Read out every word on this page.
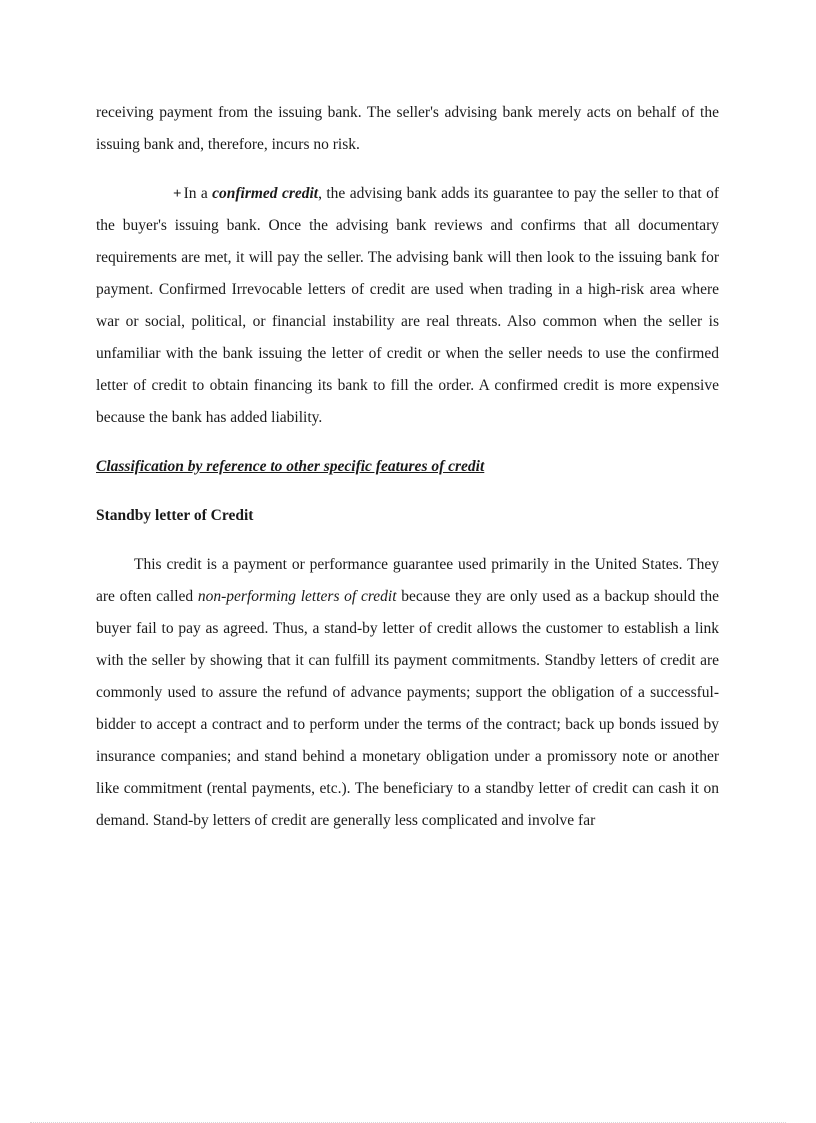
receiving payment from the issuing bank. The seller's advising bank merely acts on behalf of the issuing bank and, therefore, incurs no risk.

+ In a confirmed credit, the advising bank adds its guarantee to pay the seller to that of the buyer's issuing bank. Once the advising bank reviews and confirms that all documentary requirements are met, it will pay the seller. The advising bank will then look to the issuing bank for payment. Confirmed Irrevocable letters of credit are used when trading in a high-risk area where war or social, political, or financial instability are real threats. Also common when the seller is unfamiliar with the bank issuing the letter of credit or when the seller needs to use the confirmed letter of credit to obtain financing its bank to fill the order. A confirmed credit is more expensive because the bank has added liability.

Classification by reference to other specific features of credit

Standby letter of Credit

This credit is a payment or performance guarantee used primarily in the United States. They are often called non-performing letters of credit because they are only used as a backup should the buyer fail to pay as agreed. Thus, a stand-by letter of credit allows the customer to establish a link with the seller by showing that it can fulfill its payment commitments. Standby letters of credit are commonly used to assure the refund of advance payments; support the obligation of a successful-bidder to accept a contract and to perform under the terms of the contract; back up bonds issued by insurance companies; and stand behind a monetary obligation under a promissory note or another like commitment (rental payments, etc.). The beneficiary to a standby letter of credit can cash it on demand. Stand-by letters of credit are generally less complicated and involve far
